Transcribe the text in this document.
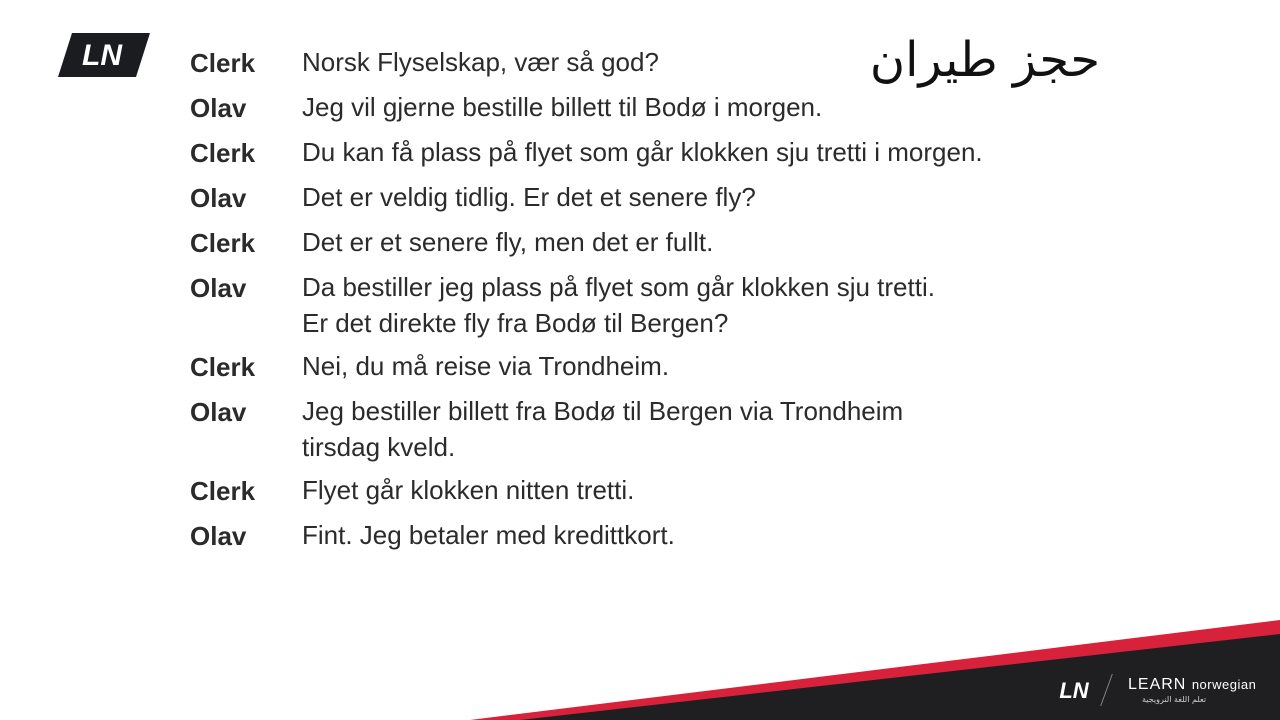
LN	حجز طيران
Clerk	Norsk Flyselskap, vær så god?
Olav	Jeg vil gjerne bestille billett til Bodø i morgen.
Clerk	Du kan få plass på flyet som går klokken sju tretti i morgen.
Olav	Det er veldig tidlig. Er det et senere fly?
Clerk	Det er et senere fly, men det er fullt.
Olav	Da bestiller jeg plass på flyet som går klokken sju tretti.
Er det direkte fly fra Bodø til Bergen?
Clerk	Nei, du må reise via Trondheim.
Olav	Jeg bestiller billett fra Bodø til Bergen via Trondheim
tirsdag kveld.
Clerk	Flyet går klokken nitten tretti.
Olav	Fint. Jeg betaler med kredittkort.
LN LEARN norwegian
تعلم اللغة النرويجية
